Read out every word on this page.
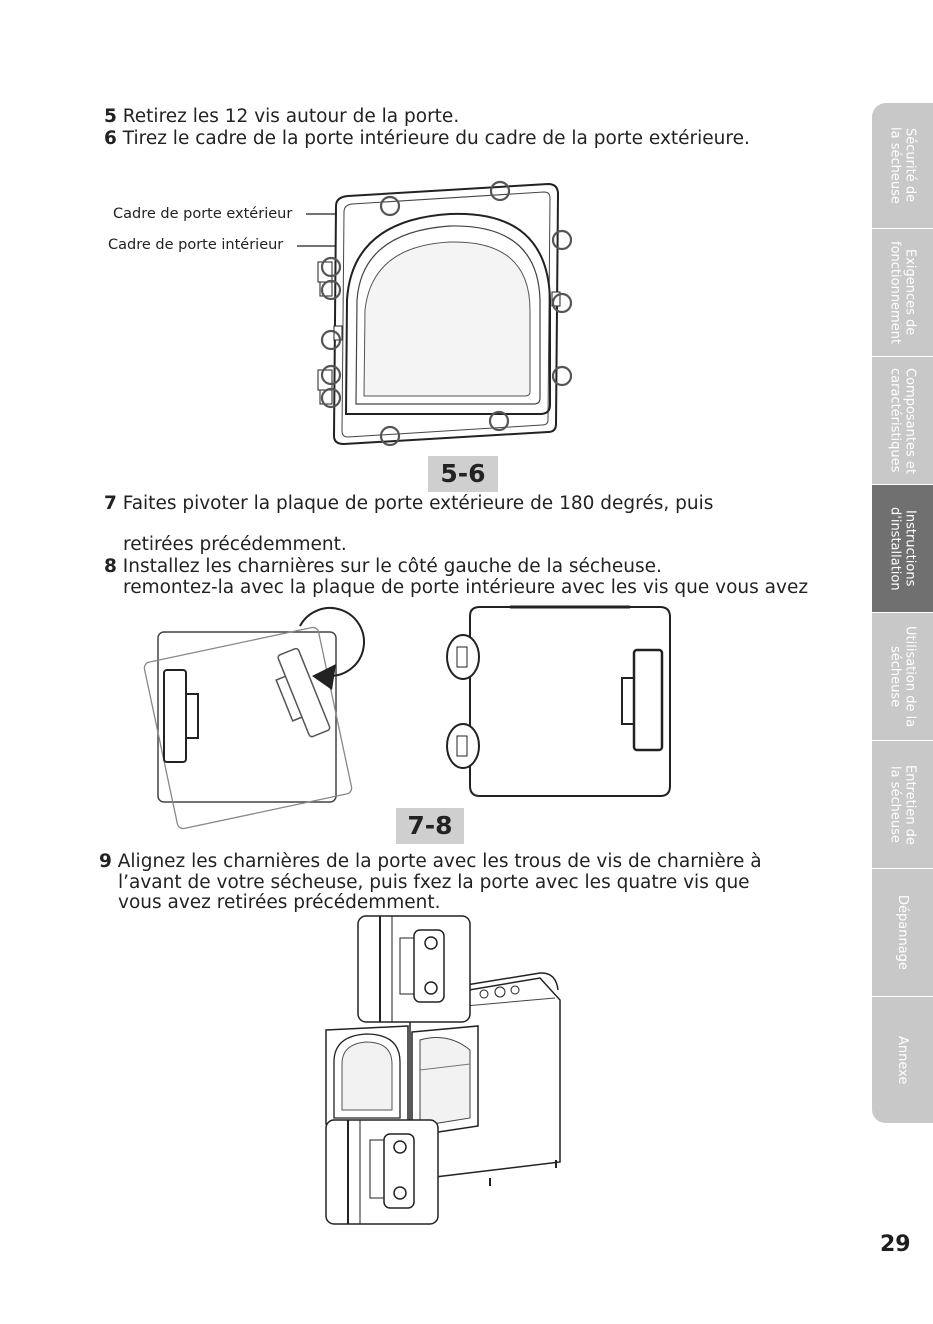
5 Retirez les 12 vis autour de la porte.
6 Tirez le cadre de la porte intérieure du cadre de la porte extérieure.
Cadre de porte extérieur
Cadre de porte intérieur
5-6
7 Faites pivoter la plaque de porte extérieure de 180 degrés, puis
retirées précédemment.
8 Installez les charnières sur le côté gauche de la sécheuse.
remontez-la avec la plaque de porte intérieure avec les vis que vous avez
7-8
9 Alignez les charnières de la porte avec les trous de vis de charnière à
l’avant de votre sécheuse, puis fxez la porte avec les quatre vis que
vous avez retirées précédemment.
Sécurité de
la sécheuse
Exigences de
fonctionnement
Composantes et
caractéristiques
Instructions
d'installation
Utilisation de la
sécheuse
Entretien de
la sécheuse
Dépannage
Annexe
29
